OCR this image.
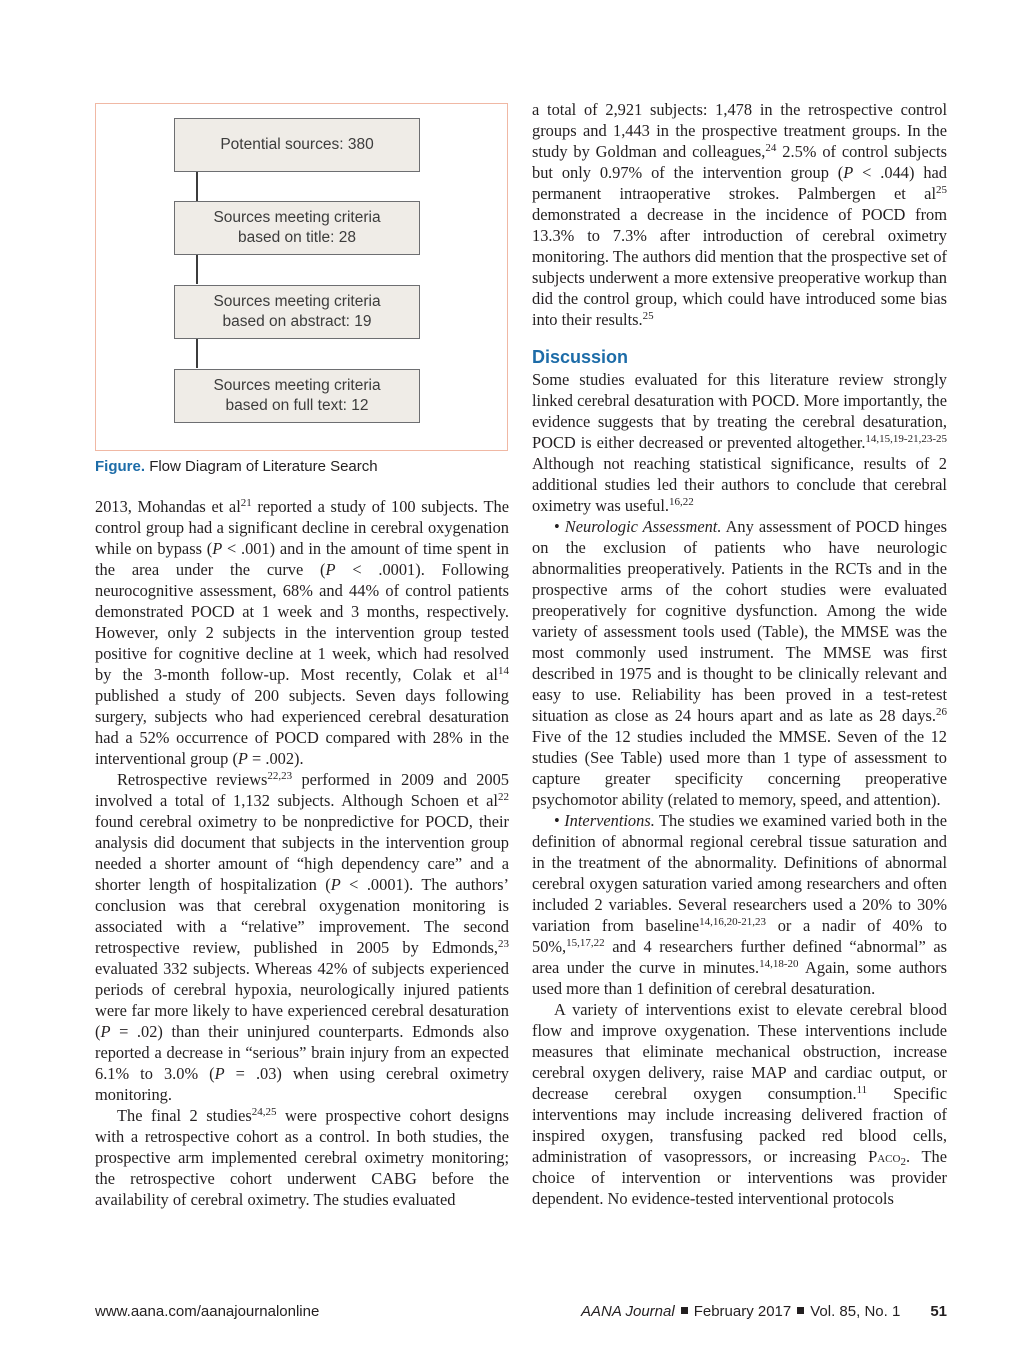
Potential sources: 380
Sources meeting criteria
based on title: 28
Sources meeting criteria
based on abstract: 19
Sources meeting criteria
based on full text: 12
Figure. Flow Diagram of Literature Search

2013, Mohandas et $al^{21}$ reported a study of 100 subjects. The control group had a significant decline in cerebral oxygenation while on bypass (P < .001) and in the amount of time spent in the area under the curve (P < .0001). Following neurocognitive assessment, 68% and 44% of control patients demonstrated POCD at 1 week and 3 months, respectively. However, only 2 subjects in the intervention group tested positive for cognitive decline at 1 week, which had resolved by the 3-month follow-up. Most recently, Colak et $al^{14}$ published a study of 200 subjects. Seven days following surgery, subjects who had experienced cerebral desaturation had a 52% occurrence of POCD compared with 28% in the interventional group (P = .002).

Retrospective reviews$^{22,23}$ performed in 2009 and 2005 involved a total of 1,132 subjects. Although Schoen et $al^{22}$ found cerebral oximetry to be nonpredictive for POCD, their analysis did document that subjects in the intervention group needed a shorter amount of “high dependency care” and a shorter length of hospitalization (P < .0001). The authors’ conclusion was that cerebral oxygenation monitoring is associated with a “relative” improvement. The second retrospective review, published in 2005 by Edmonds,$^{23}$ evaluated 332 subjects. Whereas 42% of subjects experienced periods of cerebral hypoxia, neurologically injured patients were far more likely to have experienced cerebral desaturation (P = .02) than their uninjured counterparts. Edmonds also reported a decrease in “serious” brain injury from an expected 6.1% to 3.0% (P = .03) when using cerebral oximetry monitoring.

The final 2 studies$^{24,25}$ were prospective cohort designs with a retrospective cohort as a control. In both studies, the prospective arm implemented cerebral oximetry monitoring; the retrospective cohort underwent CABG before the availability of cerebral oximetry. The studies evaluated

a total of 2,921 subjects: 1,478 in the retrospective control groups and 1,443 in the prospective treatment groups. In the study by Goldman and colleagues,$^{24}$ 2.5% of control subjects but only 0.97% of the intervention group (P < .044) had permanent intraoperative strokes. Palmbergen et $al^{25}$ demonstrated a decrease in the incidence of POCD from 13.3% to 7.3% after introduction of cerebral oximetry monitoring. The authors did mention that the prospective set of subjects underwent a more extensive preoperative workup than did the control group, which could have introduced some bias into their results.$^{25}$

Discussion

Some studies evaluated for this literature review strongly linked cerebral desaturation with POCD. More importantly, the evidence suggests that by treating the cerebral desaturation, POCD is either decreased or prevented altogether.$^{14,15,19-21,23-25}$ Although not reaching statistical significance, results of 2 additional studies led their authors to conclude that cerebral oximetry was useful.$^{16,22}$

• Neurologic Assessment. Any assessment of POCD hinges on the exclusion of patients who have neurologic abnormalities preoperatively. Patients in the RCTs and in the prospective arms of the cohort studies were evaluated preoperatively for cognitive dysfunction. Among the wide variety of assessment tools used (Table), the MMSE was the most commonly used instrument. The MMSE was first described in 1975 and is thought to be clinically relevant and easy to use. Reliability has been proved in a test-retest situation as close as 24 hours apart and as late as 28 days.$^{26}$ Five of the 12 studies included the MMSE. Seven of the 12 studies (See Table) used more than 1 type of assessment to capture greater specificity concerning preoperative psychomotor ability (related to memory, speed, and attention).

• Interventions. The studies we examined varied both in the definition of abnormal regional cerebral tissue saturation and in the treatment of the abnormality. Definitions of abnormal cerebral oxygen saturation varied among researchers and often included 2 variables. Several researchers used a 20% to 30% variation from baseline$^{14,16,20-21,23}$ or a nadir of 40% to 50%,$^{15,17,22}$ and 4 researchers further defined “abnormal” as area under the curve in minutes.$^{14,18-20}$ Again, some authors used more than 1 definition of cerebral desaturation.

A variety of interventions exist to elevate cerebral blood flow and improve oxygenation. These interventions include measures that eliminate mechanical obstruction, increase cerebral oxygen delivery, raise MAP and cardiac output, or decrease cerebral oxygen consumption.$^{11}$ Specific interventions may include increasing delivered fraction of inspired oxygen, transfusing packed red blood cells, administration of vasopressors, or increasing Paco$_2$. The choice of intervention or interventions was provider dependent. No evidence-tested interventional protocols

www.aana.com/aanajournalonline	AANA Journal February 2017 Vol. 85, No. 1 51
